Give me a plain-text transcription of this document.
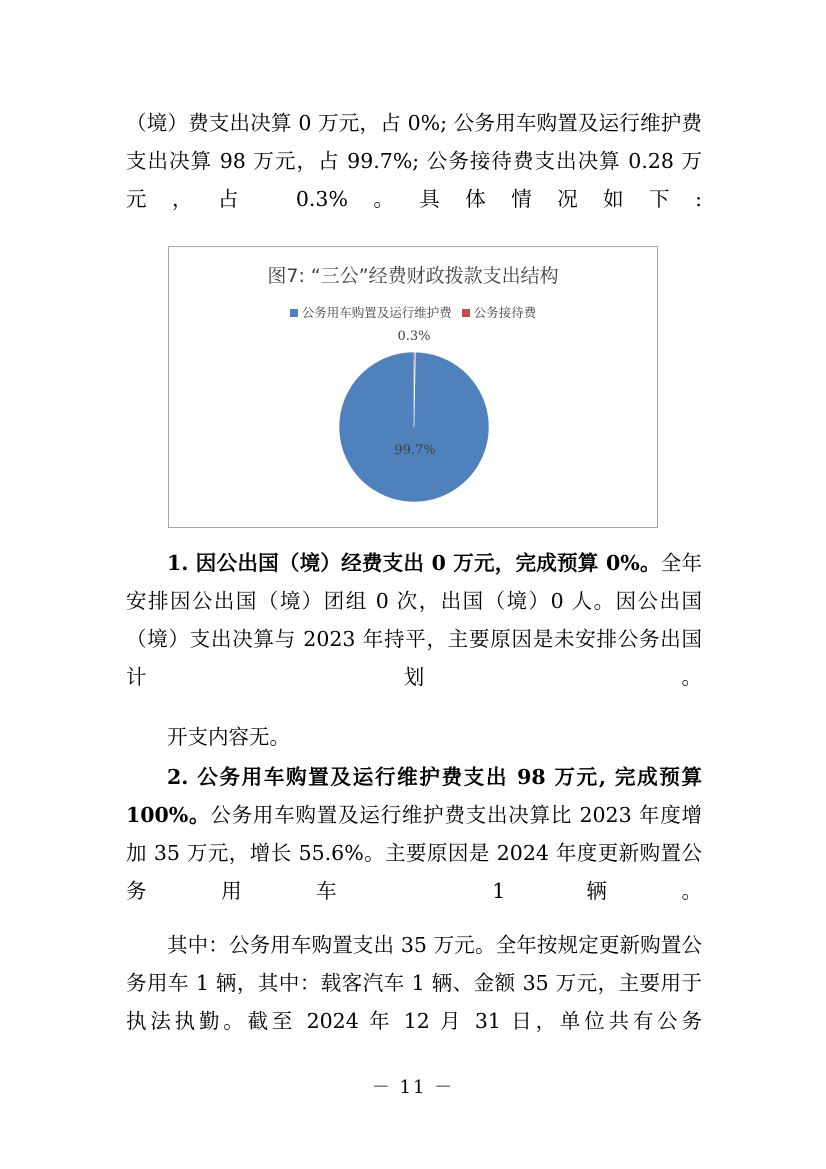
（境）费支出决算 0 万元，占 0%; 公务用车购置及运行维护费支出决算 98 万元，占 99.7%; 公务接待费支出决算 0.28 万元，占 0.3%。具体情况如下:

图7: “三公”经费财政拨款支出结构
公务用车购置及运行维护费 公务接待费
0.3%
99.7%

1. 因公出国（境）经费支出 0 万元，完成预算 0%。全年安排因公出国（境）团组 0 次，出国（境）0 人。因公出国（境）支出决算与 2023 年持平，主要原因是未安排公务出国计划。

开支内容无。

2. 公务用车购置及运行维护费支出 98 万元, 完成预算 100%。公务用车购置及运行维护费支出决算比 2023 年度增加 35 万元，增长 55.6%。主要原因是 2024 年度更新购置公务用车 1 辆。

其中：公务用车购置支出 35 万元。全年按规定更新购置公务用车 1 辆，其中：载客汽车 1 辆、金额 35 万元，主要用于执法执勤。截至 2024 年 12 月 31 日，单位共有公务

－ 11 －
